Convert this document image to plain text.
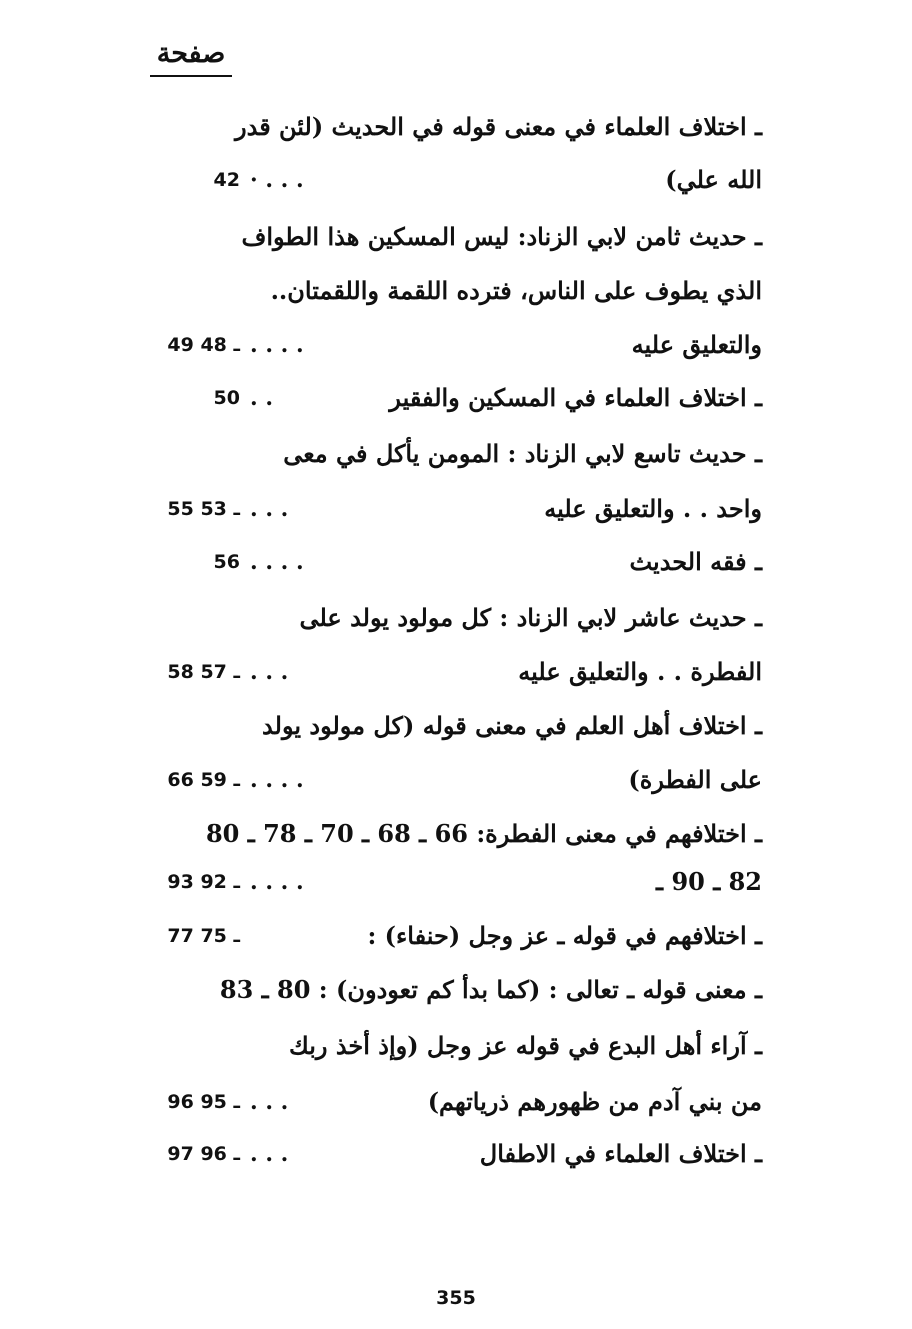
صفحة
ـ اختلاف العلماء في معنى قوله في الحديث (لئن قدر
الله علي)
· . . .
42
ـ حديث ثامن لابي الزناد: ليس المسكين هذا الطواف
الذي يطوف على الناس، فترده اللقمة واللقمتان..
والتعليق عليه
. . . .
49 ـ 48
ـ اختلاف العلماء في المسكين والفقير
. .
50
ـ حديث تاسع لابي الزناد : المومن يأكل في معى
واحد . . والتعليق عليه
. . .
55 ـ 53
ـ فقه الحديث
. . . .
56
ـ حديث عاشر لابي الزناد : كل مولود يولد على
الفطرة . . والتعليق عليه
. . .
58 ـ 57
ـ اختلاف أهل العلم في معنى قوله (كل مولود يولد
على الفطرة)
. . . .
66 ـ 59
ـ اختلافهم في معنى الفطرة: 66 ـ 68 ـ 70 ـ 78 ـ 80
82 ـ 90 ـ
. . . .
93 ـ 92
ـ اختلافهم في قوله ـ عز وجل (حنفاء) :
77 ـ 75
ـ معنى قوله ـ تعالى : (كما بدأ كم تعودون) : 80 ـ 83
ـ آراء أهل البدع في قوله عز وجل (وإذ أخذ ربك
من بني آدم من ظهورهم ذرياتهم)
. . .
96 ـ 95
ـ اختلاف العلماء في الاطفال
. . .
97 ـ 96
355
